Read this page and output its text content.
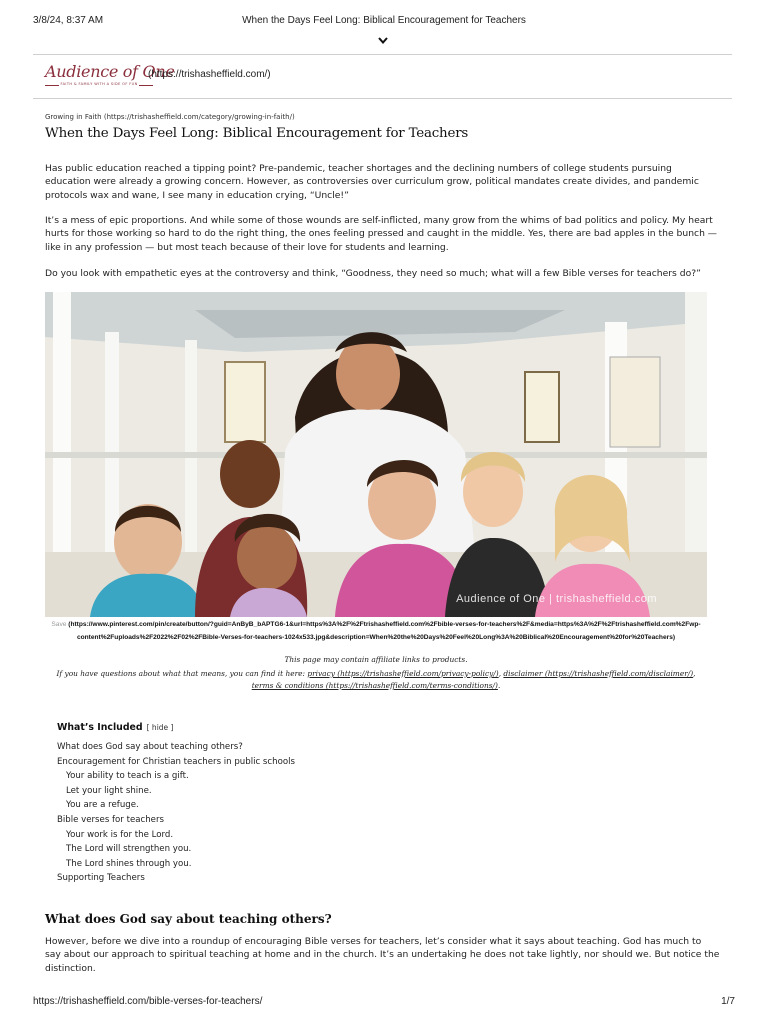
3/8/24, 8:37 AM	When the Days Feel Long: Biblical Encouragement for Teachers
Audience of One
FAITH & FAMILY WITH A SIDE OF FUN
(https://trishasheffield.com/)
Growing in Faith (https://trishasheffield.com/category/growing-in-faith/)
When the Days Feel Long: Biblical Encouragement for Teachers
Has public education reached a tipping point? Pre-pandemic, teacher shortages and the declining numbers of college students pursuing education were already a growing concern. However, as controversies over curriculum grow, political mandates create divides, and pandemic protocols wax and wane, I see many in education crying, “Uncle!”
It’s a mess of epic proportions. And while some of those wounds are self-inflicted, many grow from the whims of bad politics and policy. My heart hurts for those working so hard to do the right thing, the ones feeling pressed and caught in the middle. Yes, there are bad apples in the bunch — like in any profession — but most teach because of their love for students and learning.
Do you look with empathetic eyes at the controversy and think, “Goodness, they need so much; what will a few Bible verses for teachers do?”
Audience of One | trishasheffield.com
Save (https://www.pinterest.com/pin/create/button/?guid=AnByB_bAPTG6-1&url=https%3A%2F%2Ftrishasheffield.com%2Fbible-verses-for-teachers%2F&media=https%3A%2F%2Ftrishasheffield.com%2Fwp-content%2Fuploads%2F2022%2F02%2FBible-Verses-for-teachers-1024x533.jpg&description=When%20the%20Days%20Feel%20Long%3A%20Biblical%20Encouragement%20for%20Teachers)
This page may contain affiliate links to products.
If you have questions about what that means, you can find it here: privacy (https://trishasheffield.com/privacy-policy/), disclaimer (https://trishasheffield.com/disclaimer/), terms & conditions (https://trishasheffield.com/terms-conditions/).
What’s Included [ hide ]
What does God say about teaching others?
Encouragement for Christian teachers in public schools
Your ability to teach is a gift.
Let your light shine.
You are a refuge.
Bible verses for teachers
Your work is for the Lord.
The Lord will strengthen you.
The Lord shines through you.
Supporting Teachers
What does God say about teaching others?
However, before we dive into a roundup of encouraging Bible verses for teachers, let’s consider what it says about teaching. God has much to say about our approach to spiritual teaching at home and in the church. It’s an undertaking he does not take lightly, nor should we. But notice the distinction.
https://trishasheffield.com/bible-verses-for-teachers/	1/7
